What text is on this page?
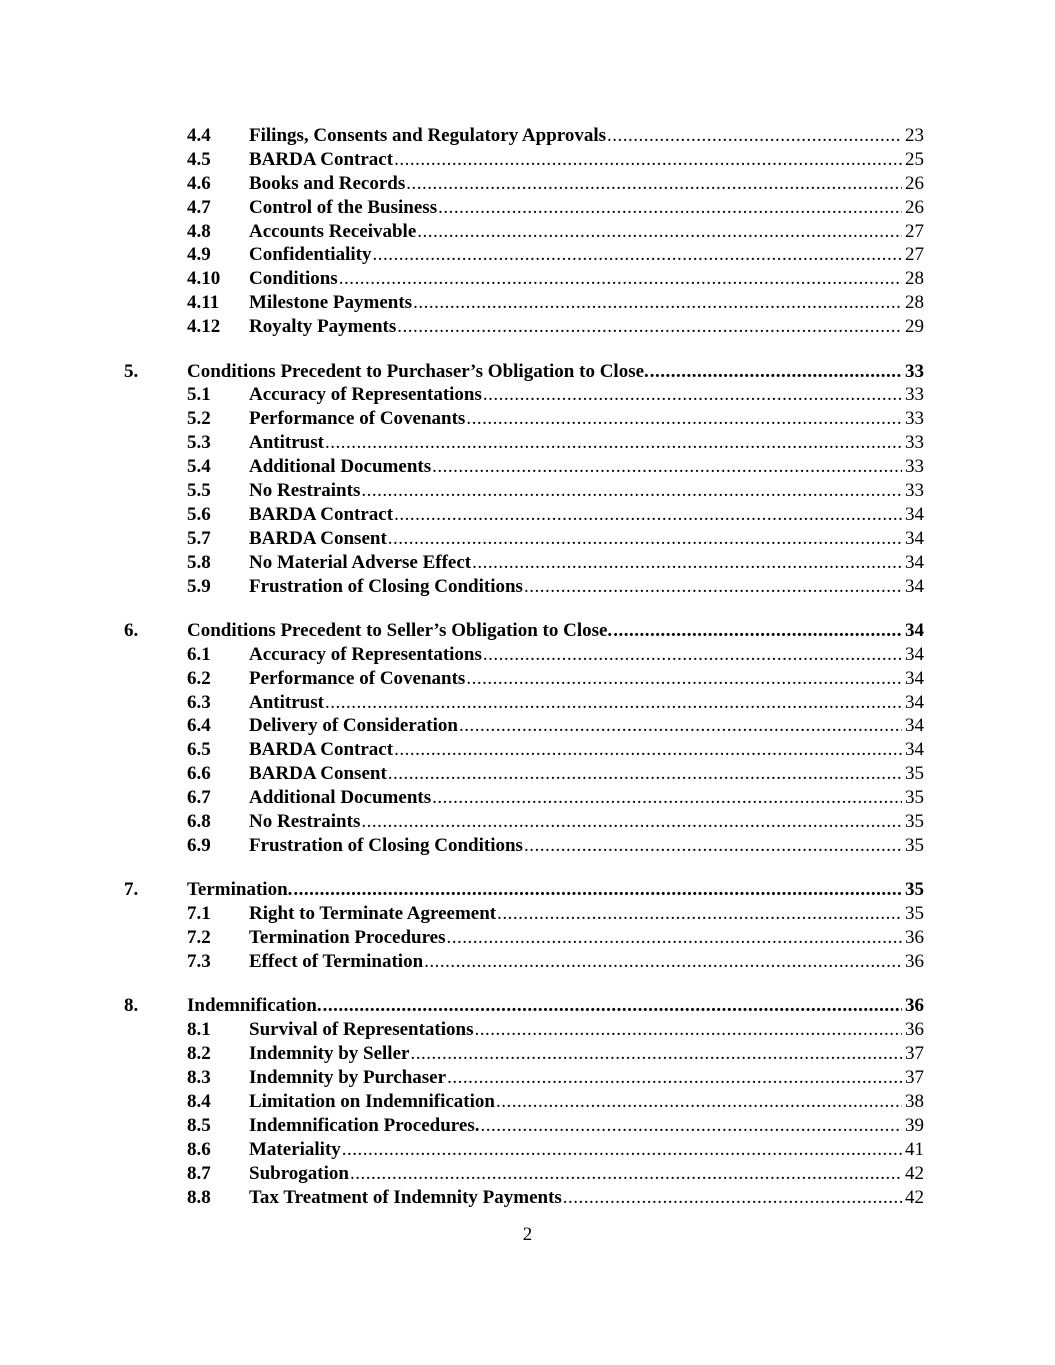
4.4 Filings, Consents and Regulatory Approvals .....	23
4.5 BARDA Contract .....	25
4.6 Books and Records .....	26
4.7 Control of the Business .....	26
4.8 Accounts Receivable .....	27
4.9 Confidentiality .....	27
4.10 Conditions .....	28
4.11 Milestone Payments .....	28
4.12 Royalty Payments .....	29
5.	Conditions Precedent to Purchaser’s Obligation to Close. .....	33
5.1 Accuracy of Representations .....	33
5.2 Performance of Covenants .....	33
5.3 Antitrust .....	33
5.4 Additional Documents .....	33
5.5 No Restraints .....	33
5.6 BARDA Contract .....	34
5.7 BARDA Consent .....	34
5.8 No Material Adverse Effect .....	34
5.9 Frustration of Closing Conditions .....	34
6.	Conditions Precedent to Seller’s Obligation to Close. .....	34
6.1 Accuracy of Representations .....	34
6.2 Performance of Covenants .....	34
6.3 Antitrust .....	34
6.4 Delivery of Consideration .....	34
6.5 BARDA Contract .....	34
6.6 BARDA Consent .....	35
6.7 Additional Documents .....	35
6.8 No Restraints .....	35
6.9 Frustration of Closing Conditions .....	35
7.	Termination. .....	35
7.1 Right to Terminate Agreement .....	35
7.2 Termination Procedures .....	36
7.3 Effect of Termination .....	36
8.	Indemnification. .....	36
8.1 Survival of Representations .....	36
8.2 Indemnity by Seller .....	37
8.3 Indemnity by Purchaser .....	37
8.4 Limitation on Indemnification .....	38
8.5 Indemnification Procedures. .....	39
8.6 Materiality .....	41
8.7 Subrogation .....	42
8.8 Tax Treatment of Indemnity Payments .....	42
2
